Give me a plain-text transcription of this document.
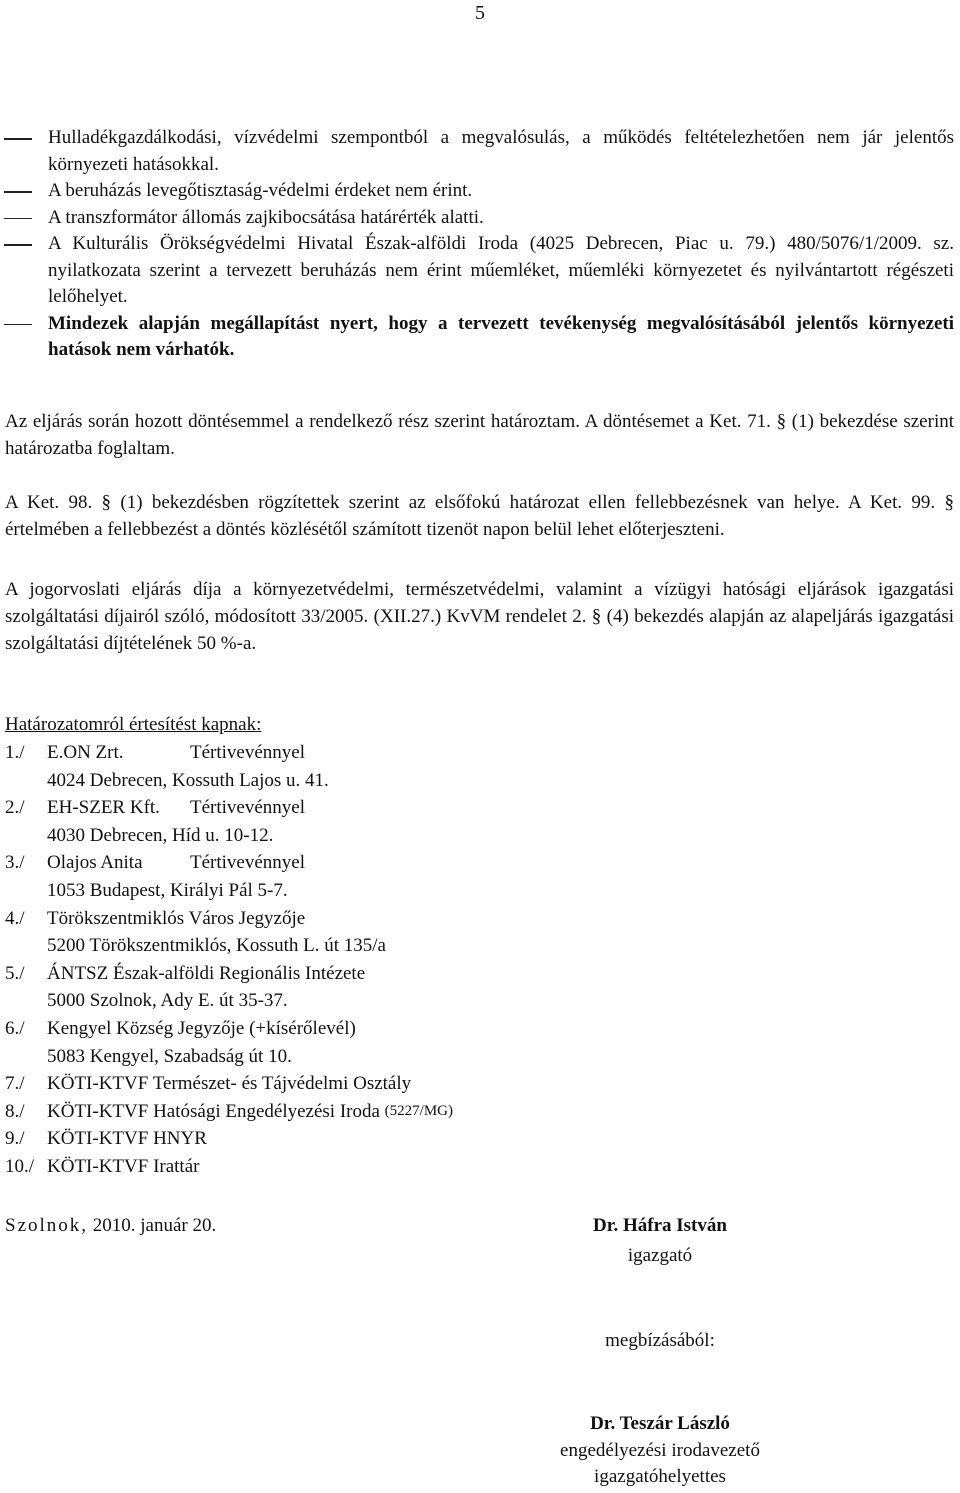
5
Hulladékgazdálkodási, vízvédelmi szempontból a megvalósulás, a működés feltételezhetően nem jár jelentős környezeti hatásokkal.
A beruházás levegőtisztaság-védelmi érdeket nem érint.
A transzformátor állomás zajkibocsátása határérték alatti.
A Kulturális Örökségvédelmi Hivatal Észak-alföldi Iroda (4025 Debrecen, Piac u. 79.) 480/5076/1/2009. sz. nyilatkozata szerint a tervezett beruházás nem érint műemléket, műemléki környezetet és nyilvántartott régészeti lelőhelyet.
Mindezek alapján megállapítást nyert, hogy a tervezett tevékenység megvalósításából jelentős környezeti hatások nem várhatók.

Az eljárás során hozott döntésemmel a rendelkező rész szerint határoztam. A döntésemet a Ket. 71. § (1) bekezdése szerint határozatba foglaltam.

A Ket. 98. § (1) bekezdésben rögzítettek szerint az elsőfokú határozat ellen fellebbezésnek van helye. A Ket. 99. § értelmében a fellebbezést a döntés közlésétől számított tizenöt napon belül lehet előterjeszteni.

A jogorvoslati eljárás díja a környezetvédelmi, természetvédelmi, valamint a vízügyi hatósági eljárások igazgatási szolgáltatási díjairól szóló, módosított 33/2005. (XII.27.) KvVM rendelet 2. § (4) bekezdés alapján az alapeljárás igazgatási szolgáltatási díjtételének 50 %-a.

Határozatomról értesítést kapnak:
1./	E.ON Zrt.	Tértivevénnyel
4024 Debrecen, Kossuth Lajos u. 41.
2./	EH-SZER Kft.	Tértivevénnyel
4030 Debrecen, Híd u. 10-12.
3./	Olajos Anita	Tértivevénnyel
1053 Budapest, Királyi Pál 5-7.
4./	Törökszentmiklós Város Jegyzője
5200 Törökszentmiklós, Kossuth L. út 135/a
5./	ÁNTSZ Észak-alföldi Regionális Intézete
5000 Szolnok, Ady E. út 35-37.
6./	Kengyel Község Jegyzője (+kísérőlevél)
5083 Kengyel, Szabadság út 10.
7./	KÖTI-KTVF Természet- és Tájvédelmi Osztály
8./	KÖTI-KTVF Hatósági Engedélyezési Iroda
(5227/MG)
9./	KÖTI-KTVF HNYR
10./ KÖTI-KTVF Irattár
Szolnok, 2010. január 20.	Dr. Háfra István
igazgató
megbízásából:
Dr. Teszár László
engedélyezési irodavezető
igazgatóhelyettes
